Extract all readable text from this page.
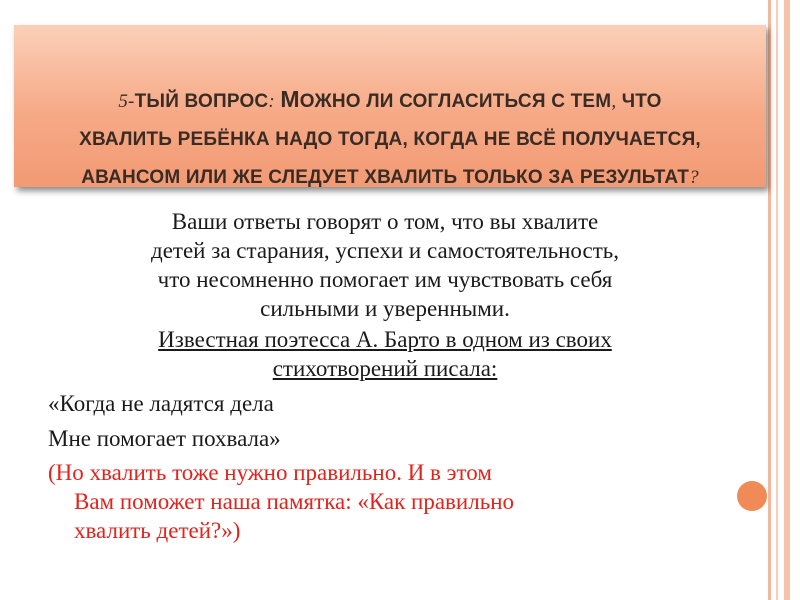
5-ТЫЙ ВОПРОС: МОЖНО ЛИ СОГЛАСИТЬСЯ С ТЕМ, ЧТО
ХВАЛИТЬ РЕБЁНКА НАДО ТОГДА, КОГДА НЕ ВСЁ ПОЛУЧАЕТСЯ,
АВАНСОМ ИЛИ ЖЕ СЛЕДУЕТ ХВАЛИТЬ ТОЛЬКО ЗА РЕЗУЛЬТАТ?

Ваши ответы говорят о том, что вы хвалите
детей за старания, успехи и самостоятельность,
что несомненно помогает им чувствовать себя
сильными и уверенными.

Известная поэтесса А. Барто в одном из своих
стихотворений писала:

«Когда не ладятся дела

Мне помогает похвала»

(Но хвалить тоже нужно правильно. И в этом
Вам поможет наша памятка: «Как правильно
хвалить детей?»)
